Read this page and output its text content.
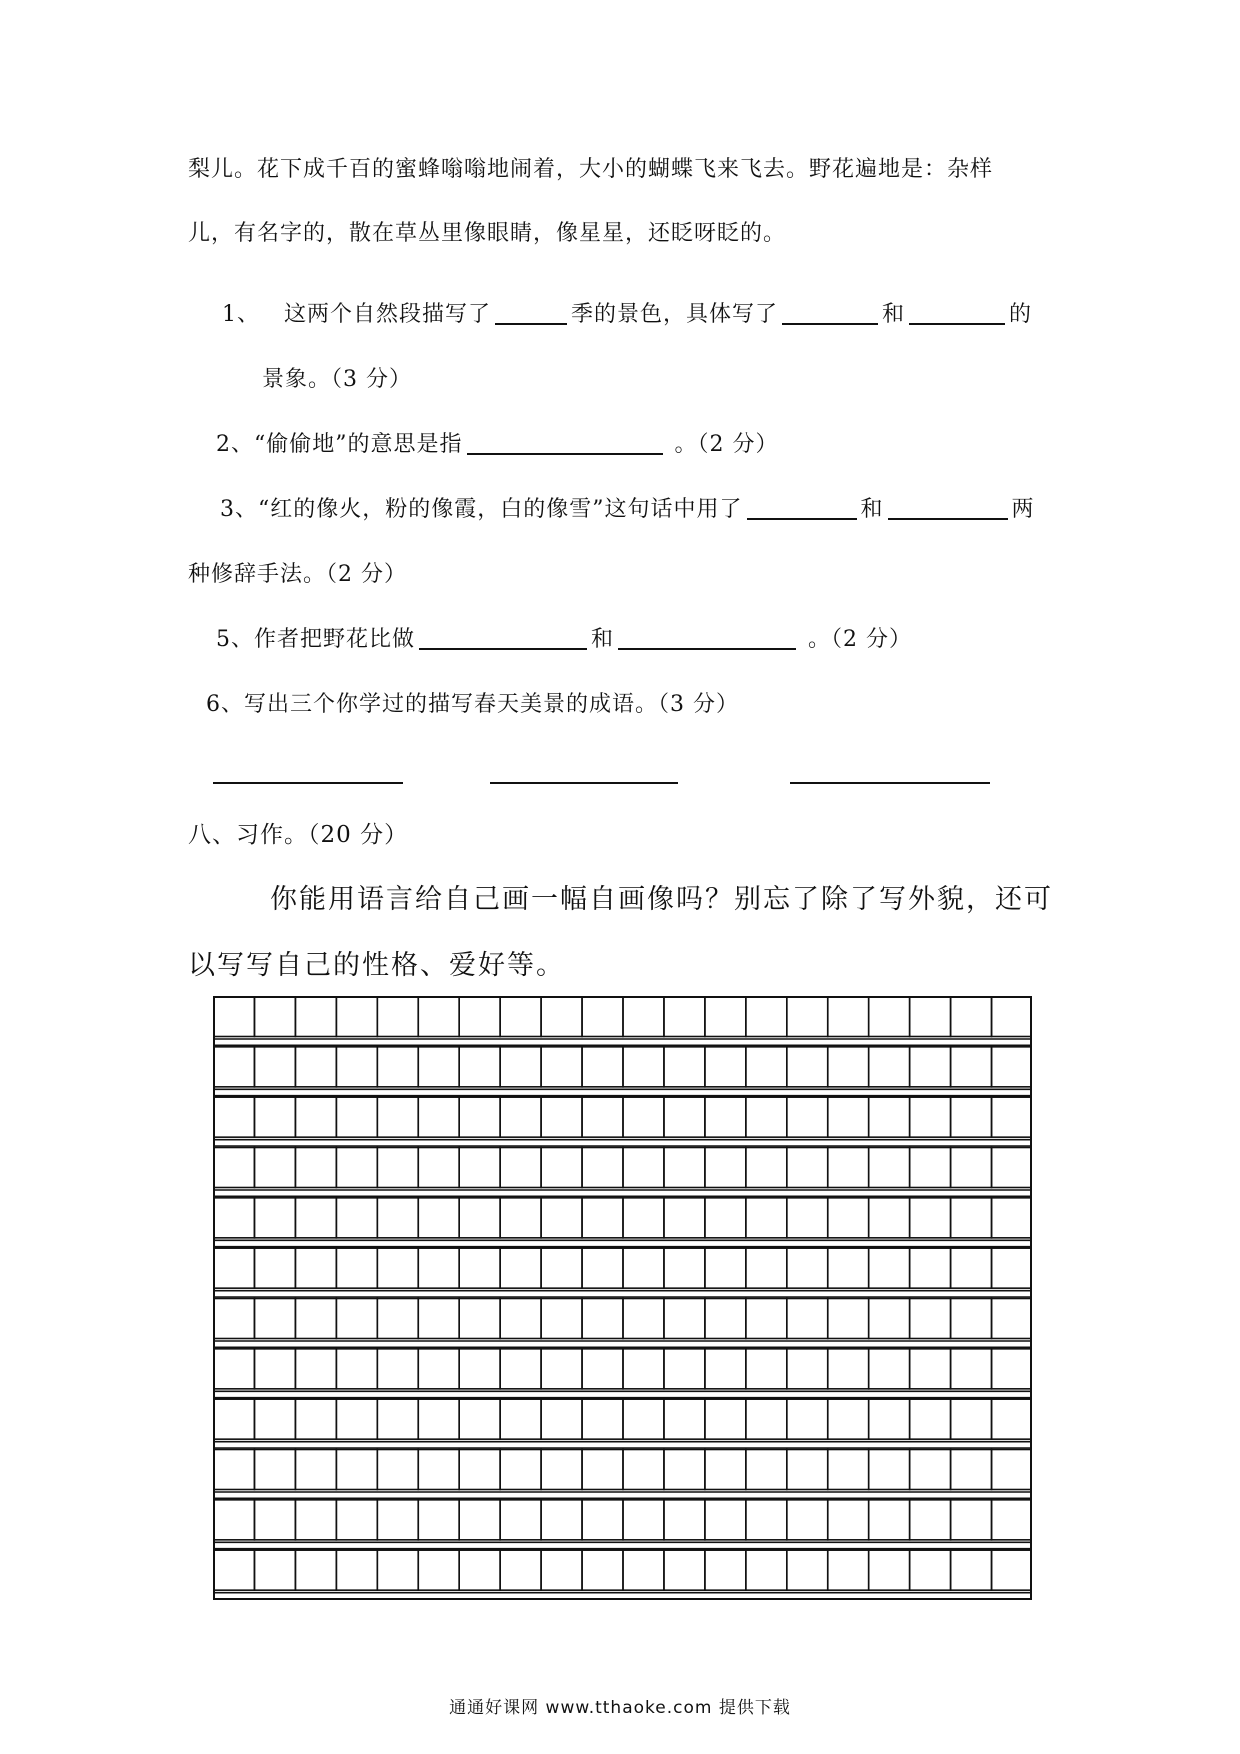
梨儿。花下成千百的蜜蜂嗡嗡地闹着，大小的蝴蝶飞来飞去。野花遍地是：杂样
儿，有名字的，散在草丛里像眼睛，像星星，还眨呀眨的。
1、 这两个自然段描写了	季的景色，具体写了	和	的
景象。（3 分）
2、“偷偷地”的意思是指	。（2 分）
3、“红的像火，粉的像霞，白的像雪”这句话中用了	和	两
种修辞手法。（2 分）
5、作者把野花比做	和	。（2 分）
6、写出三个你学过的描写春天美景的成语。（3 分）
八、习作。（20 分）
你能用语言给自己画一幅自画像吗？别忘了除了写外貌，还可
以写写自己的性格、爱好等。
通通好课网 www.tthaoke.com 提供下载
